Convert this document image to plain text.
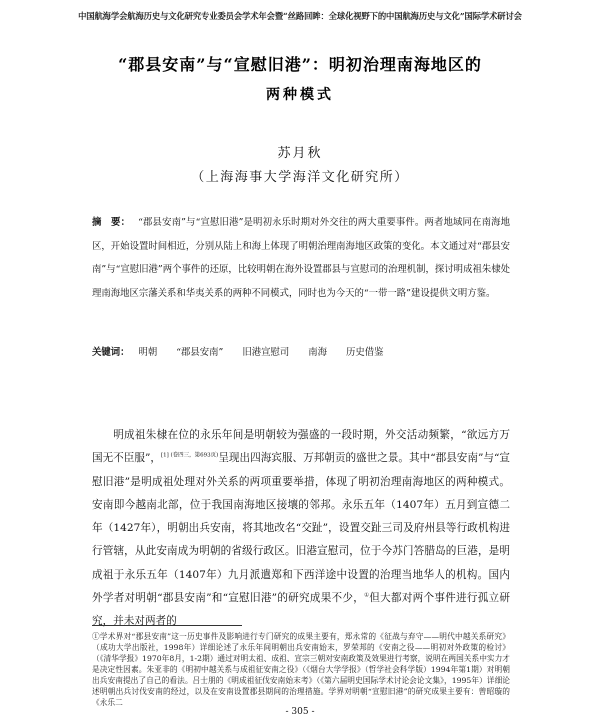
中国航海学会航海历史与文化研究专业委员会学术年会暨“丝路回眸：全球化视野下的中国航海历史与文化”国际学术研讨会
“郡县安南”与“宣慰旧港”：明初治理南海地区的
两种模式
苏月秋
（上海海事大学海洋文化研究所）

摘　要： “郡县安南”与“宣慰旧港”是明初永乐时期对外交往的两大重要事件。两者地域同在南海地区，开始设置时间相近，分别从陆上和海上体现了明朝治理南海地区政策的变化。本文通过对“郡县安南”与“宣慰旧港”两个事件的还原，比较明朝在海外设置郡县与宣慰司的治理机制，探讨明成祖朱棣处理南海地区宗藩关系和华夷关系的两种不同模式，同时也为今天的“一带一路”建设提供文明方鉴。

关键词： 明朝 “郡县安南” 旧港宣慰司 南海 历史借鉴

明成祖朱棣在位的永乐年间是明朝较为强盛的一段时期，外交活动频繁，“欲远方万国无不臣服”，$^{[1] (卷四三,第693页)}$呈现出四海宾服、万邦朝贡的盛世之景。其中“郡县安南”与“宣慰旧港”是明成祖处理对外关系的两项重要举措，体现了明初治理南海地区的两种模式。安南即今越南北部，位于我国南海地区接壤的邻邦。永乐五年（1407年）五月到宣德二年（1427年），明朝出兵安南，将其地改名“交趾”，设置交趾三司及府州县等行政机构进行管辖，从此安南成为明朝的省级行政区。旧港宣慰司，位于今苏门答腊岛的巨港，是明成祖于永乐五年（1407年）九月派遣郑和下西洋途中设置的治理当地华人的机构。国内外学者对明朝“郡县安南”和“宣慰旧港”的研究成果不少，①但大都对两个事件进行孤立研究，并未对两者的

①学术界对“郡县安南”这一历史事件及影响进行专门研究的成果主要有，郑永常的《征战与弃守——明代中越关系研究》（成功大学出版社，1998年）详细论述了永乐年间明朝出兵安南始末，罗荣邦的《安南之役——明初对外政策的检讨》（《清华学报》1970年8月，1-2期）通过对明太祖、成祖、宣宗三朝对安南政策及效果进行考察，说明在两国关系中实力才是决定性因素。朱亚非的《明初中越关系与成祖征安南之役》（《烟台大学学报》（哲学社会科学版）1994年第1期）对明朝出兵安南提出了自己的看法。吕士朋的《明成祖征伐安南始末考》（《第六届明史国际学术讨论会论文集》，1995年）详细论述明朝出兵讨伐安南的经过，以及在安南设置郡县期间的治理措施。学界对明朝“宣慰旧港”的研究成果主要有：曾昭璇的《永乐二

- 305 -
